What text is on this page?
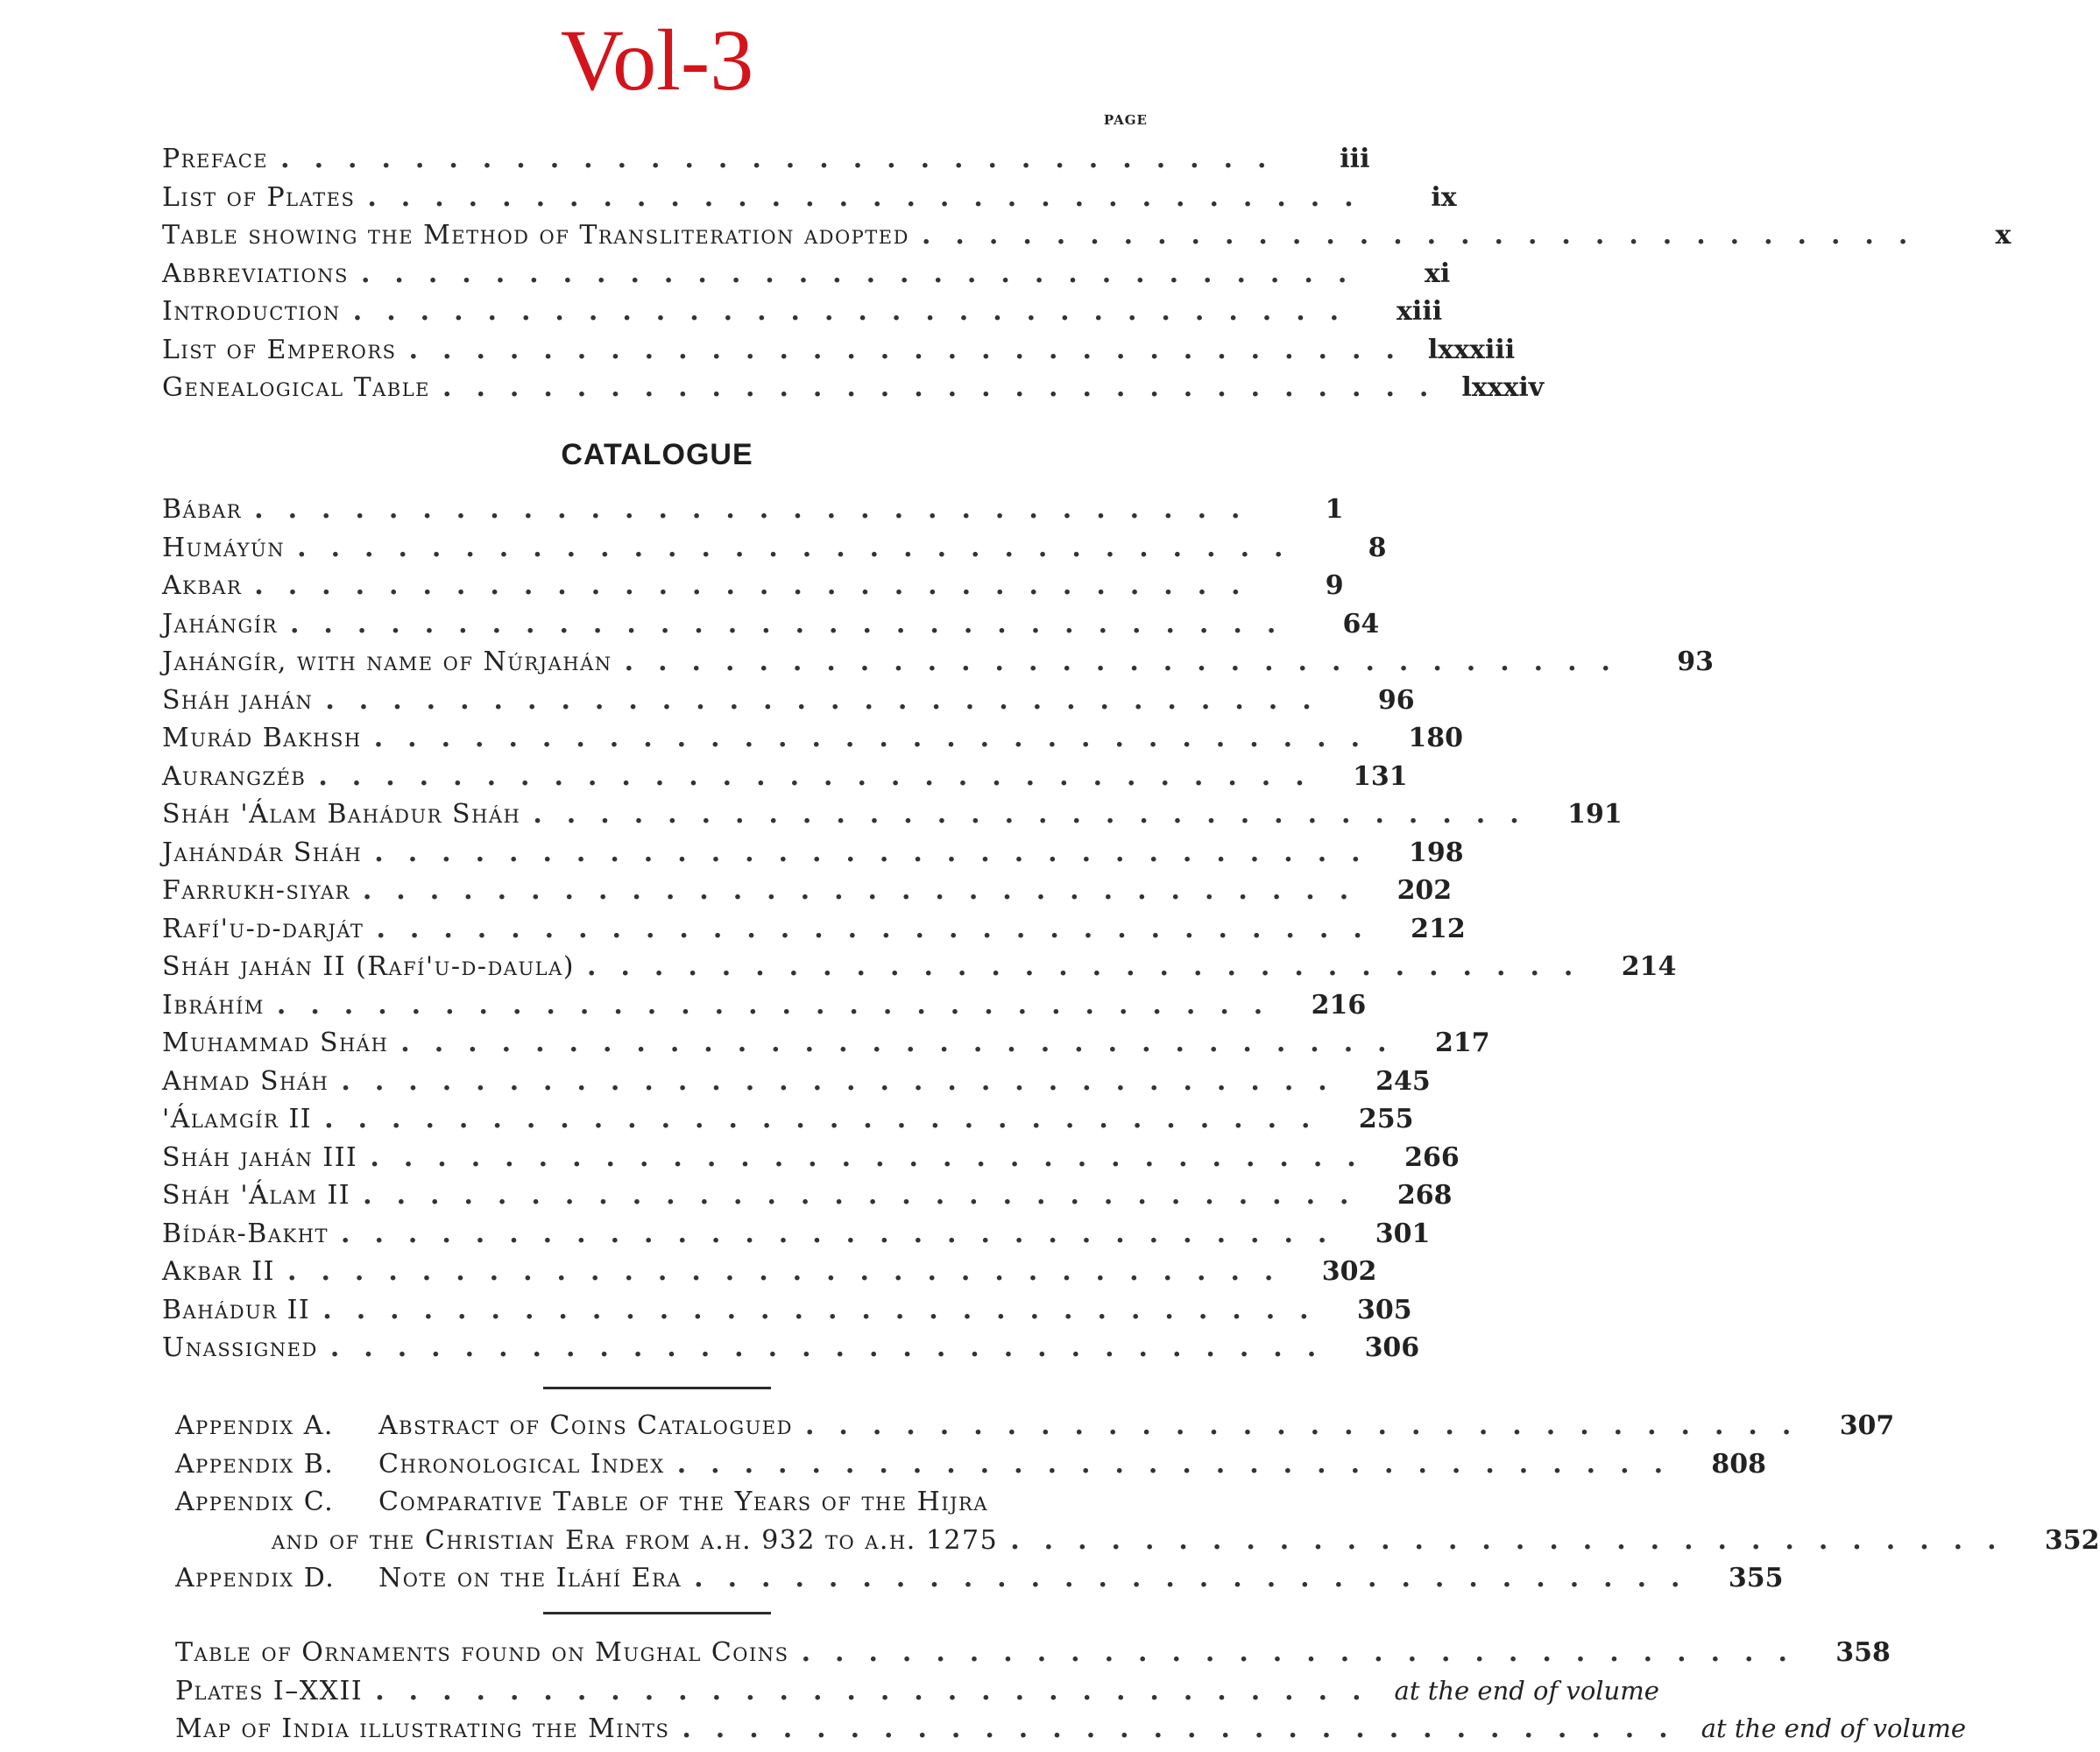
Vol-3
PAGE
Preface ..............................	iii
List of Plates ..............................	ix
Table showing the Method of Transliteration adopted ..............................	x
Abbreviations ..............................	xi
Introduction ..............................	xiii
List of Emperors .............................. lxxxiii
Genealogical Table .............................. lxxxiv
CATALOGUE
Bábar ..............................	1
Humáyún ..............................	8
Akbar ..............................	9
Jahángír ..............................	64
Jahángír, with name of Núrjahán ..............................	93
Sháh jahán ..............................	96
Murád Bakhsh .............................. 180
Aurangzéb .............................. 131
Sháh 'Álam Bahádur Sháh .............................. 191
Jahándár Sháh .............................. 198
Farrukh-siyar .............................. 202
Rafí'u-d-darját .............................. 212
Sháh jahán II (Rafí'u-d-daula) .............................. 214
Ibráhím .............................. 216
Muhammad Sháh .............................. 217
Ahmad Sháh .............................. 245
'Álamgír II .............................. 255
Sháh jahán III .............................. 266
Sháh 'Álam II .............................. 268
Bídár-Bakht .............................. 301
Akbar II .............................. 302
Bahádur II .............................. 305
Unassigned .............................. 306
Appendix A.	Abstract of Coins Catalogued .............................. 307
Appendix B.	Chronological Index .............................. 808
Appendix C.	Comparative Table of the Years of the Hijra
and of the Christian Era from a.h. 932 to a.h. 1275 .............................. 352
Appendix D.	Note on the Iláhí Era .............................. 355
Table of Ornaments found on Mughal Coins .............................. 358
Plates I–XXII .............................. at the end of volume
Map of India illustrating the Mints .............................. at the end of volume
